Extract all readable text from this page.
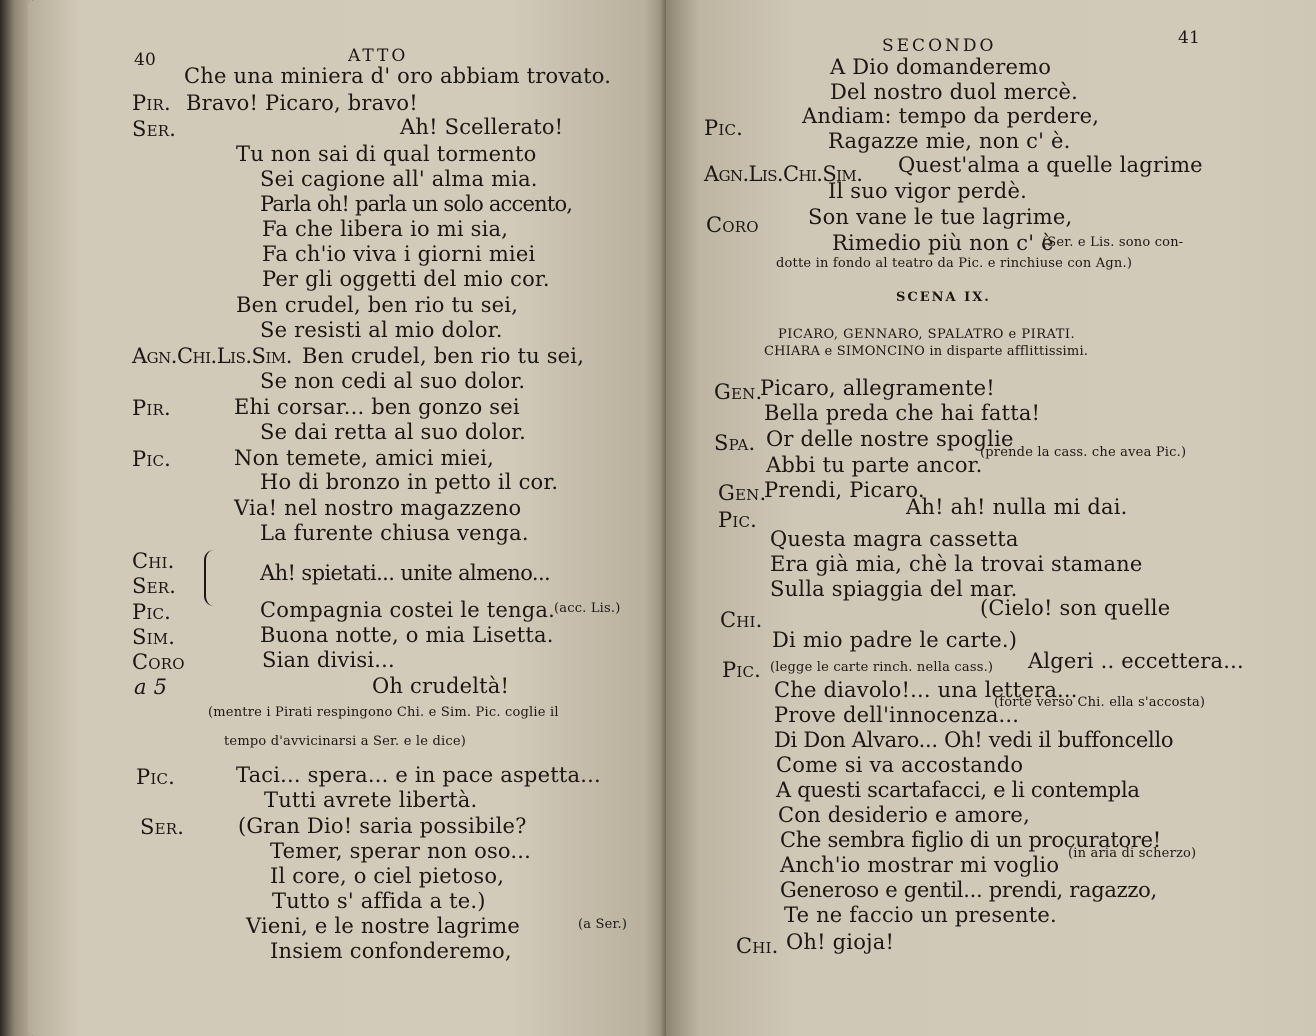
40	ATTO
Che una miniera d' oro abbiam trovato.
Pir. Bravo! Picaro, bravo!
Ser.	Ah! Scellerato!
Tu non sai di qual tormento
Sei cagione all' alma mia.
Parla oh! parla un solo accento,
Fa che libera io mi sia,
Fa ch'io viva i giorni miei
Per gli oggetti del mio cor.
Ben crudel, ben rio tu sei,
Se resisti al mio dolor.
Agn.Chi.Lis.Sim. Ben crudel, ben rio tu sei,
Se non cedi al suo dolor.
Pir.	Ehi corsar... ben gonzo sei
Se dai retta al suo dolor.
Pic.	Non temete, amici miei,
Ho di bronzo in petto il cor.
Via! nel nostro magazzeno
La furente chiusa venga.
Chi.
Ser.
Ah! spietati... unite almeno...
Pic.	Compagnia costei le tenga. (acc. Lis.)
Sim.	Buona notte, o mia Lisetta.
Coro	Sian divisi...
a 5	Oh crudeltà!
(mentre i Pirati respingono Chi. e Sim. Pic. coglie il
tempo d'avvicinarsi a Ser. e le dice)
Pic.	Taci... spera... e in pace aspetta...
Tutti avrete libertà.
Ser.	(Gran Dio! saria possibile?
Temer, sperar non oso...
Il core, o ciel pietoso,
Tutto s' affida a te.)
Vieni, e le nostre lagrime	(a Ser.)
Insiem confonderemo,
SECONDO	41
A Dio domanderemo
Del nostro duol mercè.
Pic.	Andiam: tempo da perdere,
Ragazze mie, non c' è.
Agn.Lis.Chi.Sim. Quest'alma a quelle lagrime
Il suo vigor perdè.
Coro Son vane le tue lagrime,
Rimedio più non c' è
(Ser. e Lis. sono con-
dotte in fondo al teatro da Pic. e rinchiuse con Agn.)
SCENA IX.
PICARO, GENNARO, SPALATRO e PIRATI.
CHIARA e SIMONCINO in disparte afflittissimi.
Gen.
Picaro, allegramente!
Bella preda che hai fatta!
Spa. Or delle nostre spoglie
Abbi tu parte ancor.
(prende la cass. che avea Pic.)
Gen.
Prendi, Picaro.
Pic.
Ah! ah! nulla mi dai.
Questa magra cassetta
Era già mia, chè la trovai stamane
Sulla spiaggia del mar.
Chi.	(Cielo! son quelle
Di mio padre le carte.)
Pic. (legge le carte rinch. nella cass.) Algeri .. eccettera...
Che diavolo!... una lettera...
Prove dell'innocenza...
(forte verso Chi. ella s'accosta)
Di Don Alvaro... Oh! vedi il buffoncello
Come si va accostando
A questi scartafacci, e li contempla
Con desiderio e amore,
Che sembra figlio di un procuratore!
Anch'io mostrar mi voglio (in aria di scherzo)
Generoso e gentil... prendi, ragazzo,
Te ne faccio un presente.
Chi. Oh! gioja!
